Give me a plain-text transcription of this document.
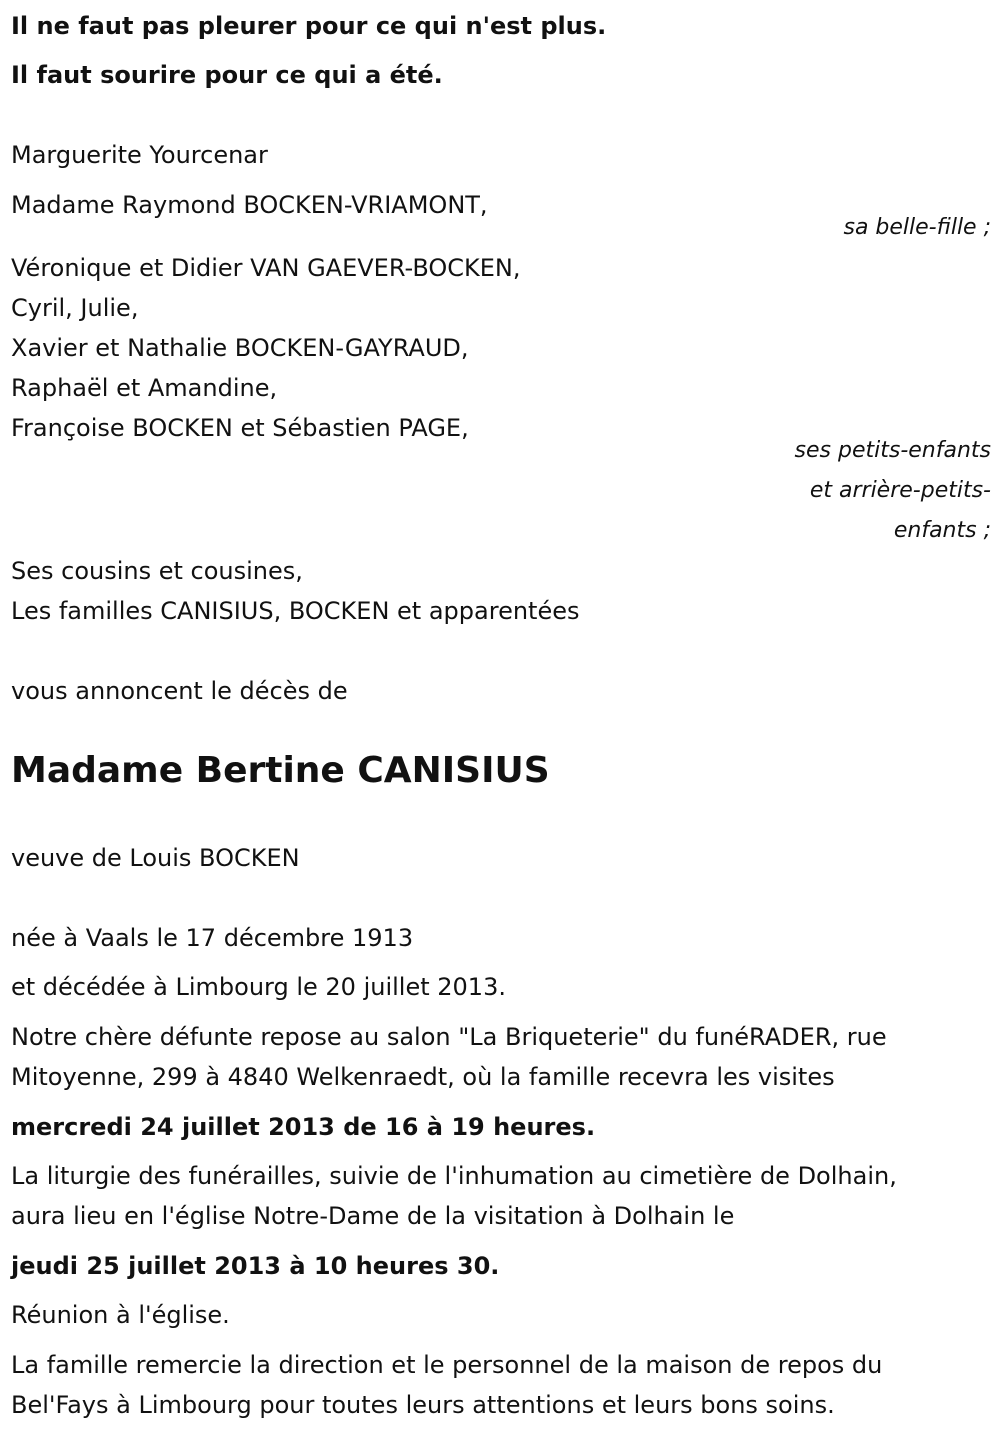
Il ne faut pas pleurer pour ce qui n'est plus.

Il faut sourire pour ce qui a été.

Marguerite Yourcenar

Madame Raymond BOCKEN-VRIAMONT,

sa belle-fille ;

Véronique et Didier VAN GAEVER-BOCKEN,

Cyril, Julie,

Xavier et Nathalie BOCKEN-GAYRAUD,

Raphaël et Amandine,

Françoise BOCKEN et Sébastien PAGE,

ses petits-enfants
et arrière-petits-
enfants ;

Ses cousins et cousines,

Les familles CANISIUS, BOCKEN et apparentées

vous annoncent le décès de

Madame Bertine CANISIUS

veuve de Louis BOCKEN

née à Vaals le 17 décembre 1913

et décédée à Limbourg le 20 juillet 2013.

Notre chère défunte repose au salon "La Briqueterie" du funéRADER, rue

Mitoyenne, 299 à 4840 Welkenraedt, où la famille recevra les visites

mercredi 24 juillet 2013 de 16 à 19 heures.

La liturgie des funérailles, suivie de l'inhumation au cimetière de Dolhain,

aura lieu en l'église Notre-Dame de la visitation à Dolhain le

jeudi 25 juillet 2013 à 10 heures 30.

Réunion à l'église.

La famille remercie la direction et le personnel de la maison de repos du

Bel'Fays à Limbourg pour toutes leurs attentions et leurs bons soins.
